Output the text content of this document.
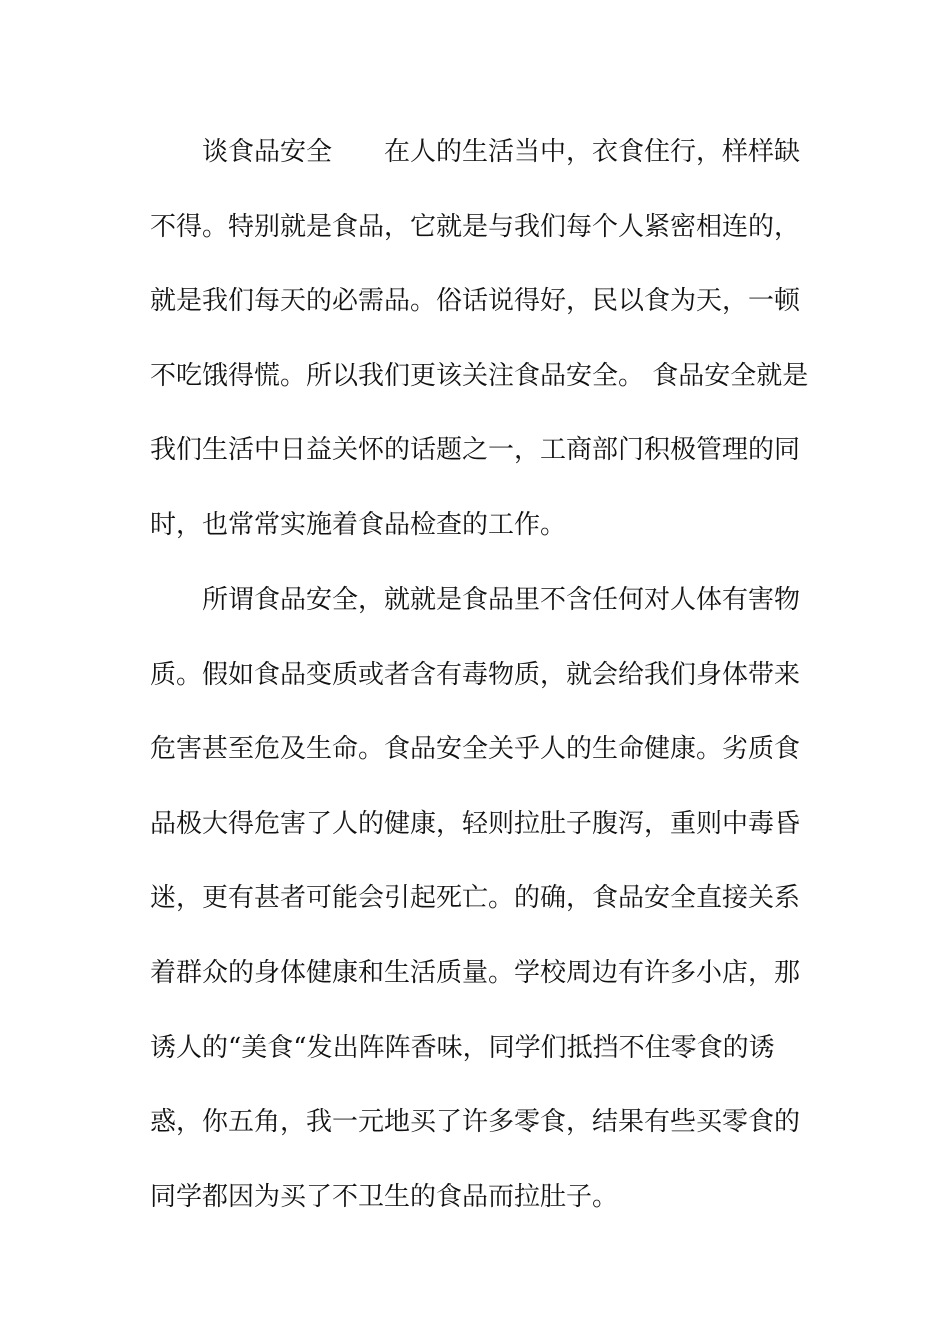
谈食品安全　　在人的生活当中，衣食住行，样样缺
不得。特别就是食品，它就是与我们每个人紧密相连的，
就是我们每天的必需品。俗话说得好，民以食为天，一顿
不吃饿得慌。所以我们更该关注食品安全。 食品安全就是
我们生活中日益关怀的话题之一，工商部门积极管理的同
时，也常常实施着食品检查的工作。
所谓食品安全，就就是食品里不含任何对人体有害物
质。假如食品变质或者含有毒物质，就会给我们身体带来
危害甚至危及生命。食品安全关乎人的生命健康。劣质食
品极大得危害了人的健康，轻则拉肚子腹泻，重则中毒昏
迷，更有甚者可能会引起死亡。的确，食品安全直接关系
着群众的身体健康和生活质量。学校周边有许多小店，那
诱人的“美食“发出阵阵香味，同学们抵挡不住零食的诱
惑，你五角，我一元地买了许多零食，结果有些买零食的
同学都因为买了不卫生的食品而拉肚子。
